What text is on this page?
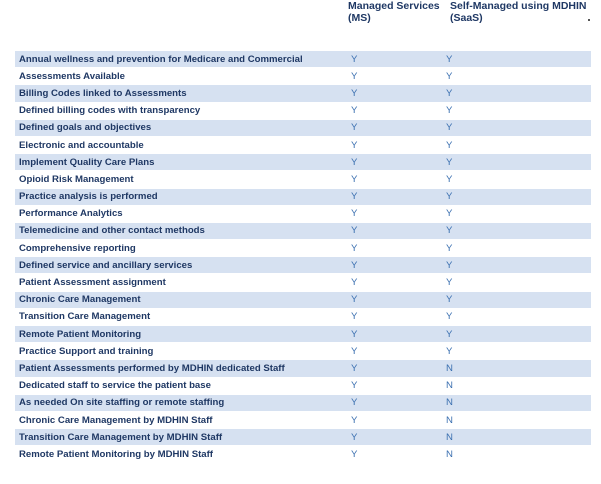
Managed Services
(MS)
Self-Managed using MDHIN
(SaaS)
Annual wellness and prevention for Medicare and Commercial	Y	Y
Assessments Available	Y	Y
Billing Codes linked to Assessments	Y	Y
Defined billing codes with transparency	Y	Y
Defined goals and objectives	Y	Y
Electronic and accountable	Y	Y
Implement Quality Care Plans	Y	Y
Opioid Risk Management	Y	Y
Practice analysis is performed	Y	Y
Performance Analytics	Y	Y
Telemedicine and other contact methods	Y	Y
Comprehensive reporting	Y	Y
Defined service and ancillary services	Y	Y
Patient Assessment assignment	Y	Y
Chronic Care Management	Y	Y
Transition Care Management	Y	Y
Remote Patient Monitoring	Y	Y
Practice Support and training	Y	Y
Patient Assessments performed by MDHIN dedicated Staff	Y	N
Dedicated staff to service the patient base	Y	N
As needed On site staffing or remote staffing	Y	N
Chronic Care Management by MDHIN Staff	Y	N
Transition Care Management by MDHIN Staff	Y	N
Remote Patient Monitoring by MDHIN Staff	Y	N
